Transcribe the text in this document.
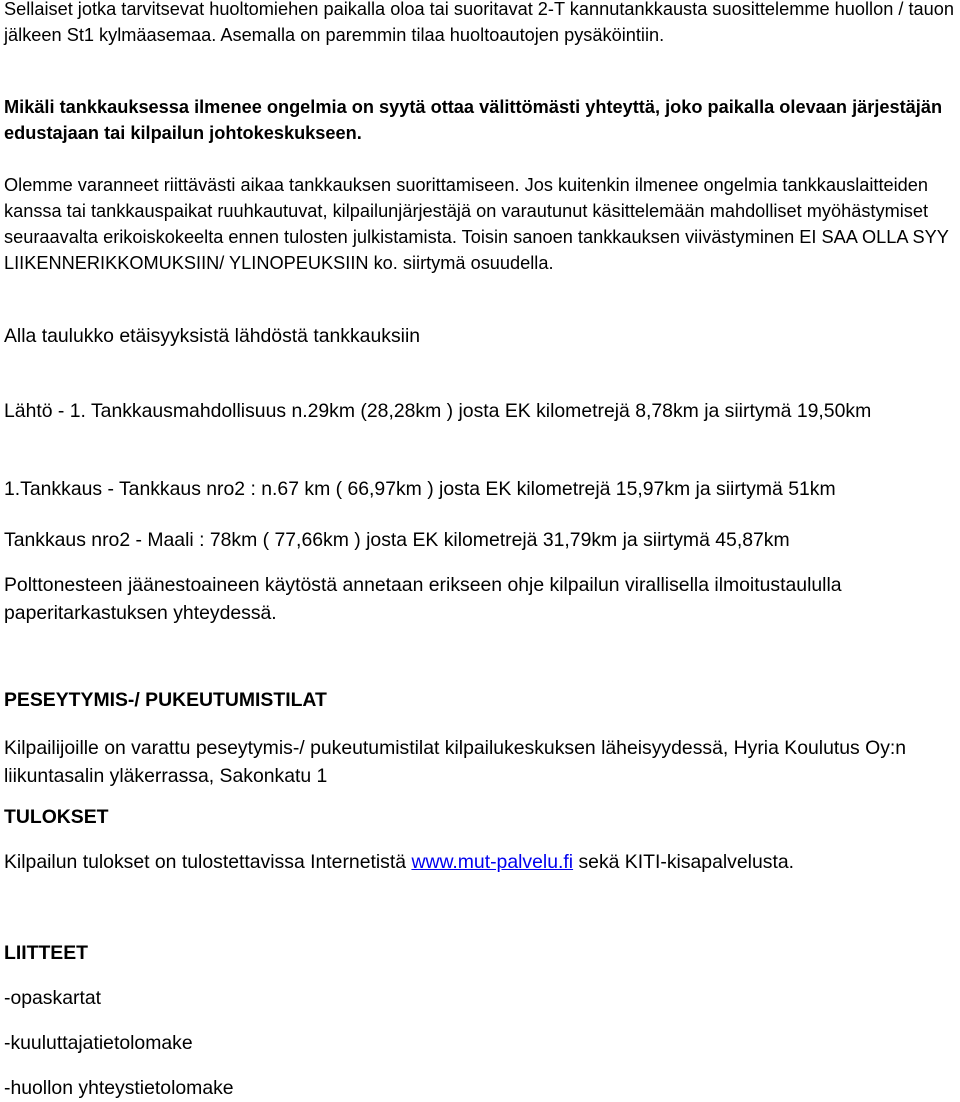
Sellaiset jotka tarvitsevat huoltomiehen paikalla oloa tai suoritavat 2-T kannutankkausta suosittelemme huollon / tauon jälkeen St1 kylmäasemaa. Asemalla on paremmin tilaa huoltoautojen pysäköintiin.

Mikäli tankkauksessa ilmenee ongelmia on syytä ottaa välittömästi yhteyttä, joko paikalla olevaan järjestäjän edustajaan tai kilpailun johtokeskukseen.

Olemme varanneet riittävästi aikaa tankkauksen suorittamiseen. Jos kuitenkin ilmenee ongelmia tankkauslaitteiden kanssa tai tankkauspaikat ruuhkautuvat, kilpailunjärjestäjä on varautunut käsittelemään mahdolliset myöhästymiset seuraavalta erikoiskokeelta ennen tulosten julkistamista. Toisin sanoen tankkauksen viivästyminen EI SAA OLLA SYY LIIKENNERIKKOMUKSIIN/ YLINOPEUKSIIN ko. siirtymä osuudella.

Alla taulukko etäisyyksistä lähdöstä tankkauksiin

Lähtö - 1. Tankkausmahdollisuus n.29km (28,28km ) josta EK kilometrejä 8,78km ja siirtymä 19,50km

1.Tankkaus - Tankkaus nro2 : n.67 km ( 66,97km ) josta EK kilometrejä 15,97km ja siirtymä 51km

Tankkaus nro2 - Maali : 78km ( 77,66km ) josta EK kilometrejä 31,79km ja siirtymä 45,87km

Polttonesteen jäänestoaineen käytöstä annetaan erikseen ohje kilpailun virallisella ilmoitustaululla paperitarkastuksen yhteydessä.

PESEYTYMIS-/ PUKEUTUMISTILAT

Kilpailijoille on varattu peseytymis-/ pukeutumistilat kilpailukeskuksen läheisyydessä, Hyria Koulutus Oy:n liikuntasalin yläkerrassa, Sakonkatu 1

TULOKSET

Kilpailun tulokset on tulostettavissa Internetistä www.mut-palvelu.fi sekä KITI-kisapalvelusta.

LIITTEET

-opaskartat

-kuuluttajatietolomake

-huollon yhteystietolomake
